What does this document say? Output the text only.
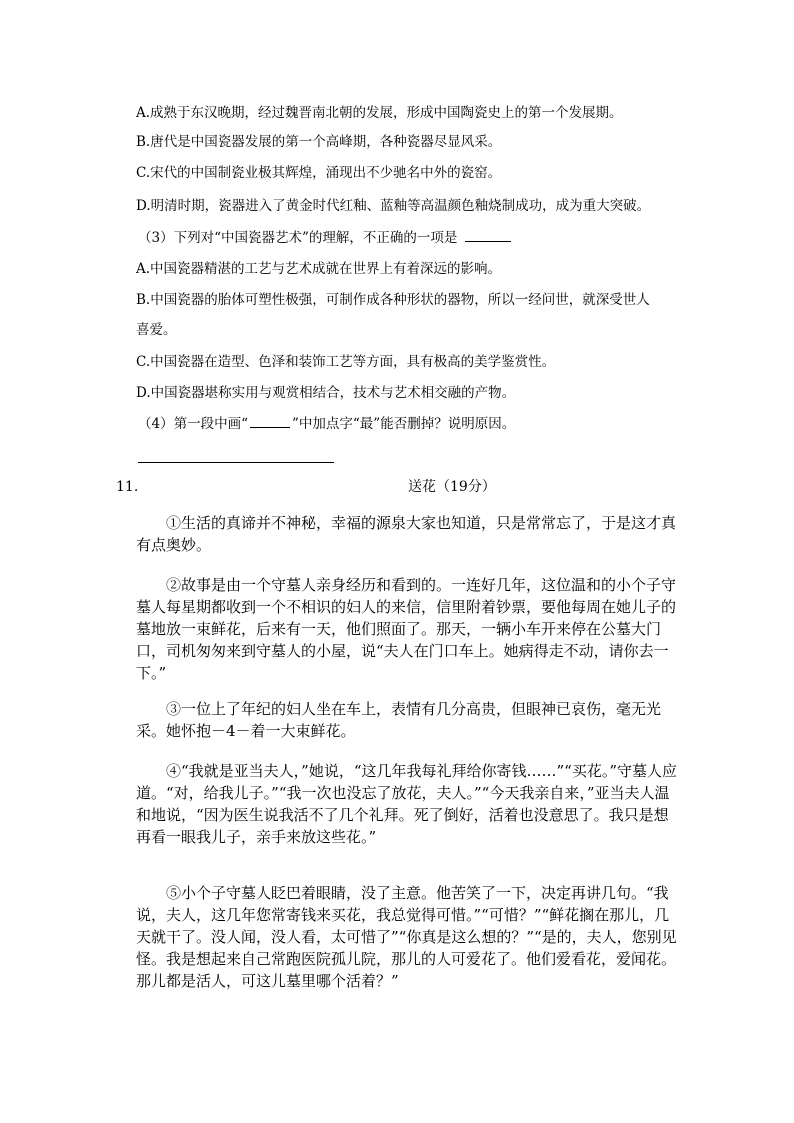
A.成熟于东汉晚期，经过魏晋南北朝的发展，形成中国陶瓷史上的第一个发展期。
B.唐代是中国瓷器发展的第一个高峰期，各种瓷器尽显风采。
C.宋代的中国制瓷业极其辉煌，涌现出不少驰名中外的瓷窑。
D.明清时期，瓷器进入了黄金时代红釉、蓝釉等高温颜色釉烧制成功，成为重大突破。
（3）下列对“中国瓷器艺术”的理解，不正确的一项是
A.中国瓷器精湛的工艺与艺术成就在世界上有着深远的影响。
B.中国瓷器的胎体可塑性极强，可制作成各种形状的器物，所以一经问世，就深受世人
喜爱。
C.中国瓷器在造型、色泽和装饰工艺等方面，具有极高的美学鉴赏性。
D.中国瓷器堪称实用与观赏相结合，技术与艺术相交融的产物。
（4）第一段中画“	”中加点字“最”能否删掉？说明原因。
11.	送花（19分）
①生活的真谛并不神秘，幸福的源泉大家也知道，只是常常忘了，于是这才真有点奥妙。
②故事是由一个守墓人亲身经历和看到的。一连好几年，这位温和的小个子守墓人每星期都收到一个不相识的妇人的来信，信里附着钞票，要他每周在她儿子的墓地放一束鲜花，后来有一天，他们照面了。那天，一辆小车开来停在公墓大门口，司机匆匆来到守墓人的小屋，说“夫人在门口车上。她病得走不动，请你去一下。”
③一位上了年纪的妇人坐在车上，表情有几分高贵，但眼神已哀伤，毫无光采。她怀抱－4－着一大束鲜花。
④“我就是亚当夫人，”她说，“这几年我每礼拜给你寄钱……”“买花。”守墓人应道。“对，给我儿子。”“我一次也没忘了放花，夫人。”“今天我亲自来，”亚当夫人温和地说，“因为医生说我活不了几个礼拜。死了倒好，活着也没意思了。我只是想再看一眼我儿子，亲手来放这些花。”
⑤小个子守墓人眨巴着眼睛，没了主意。他苦笑了一下，决定再讲几句。“我说，夫人，这几年您常寄钱来买花，我总觉得可惜。”“可惜？”“鲜花搁在那儿，几天就干了。没人闻，没人看，太可惜了”“你真是这么想的？”“是的，夫人，您别见怪。我是想起来自己常跑医院孤儿院，那儿的人可爱花了。他们爱看花，爱闻花。那儿都是活人，可这儿墓里哪个活着？”
